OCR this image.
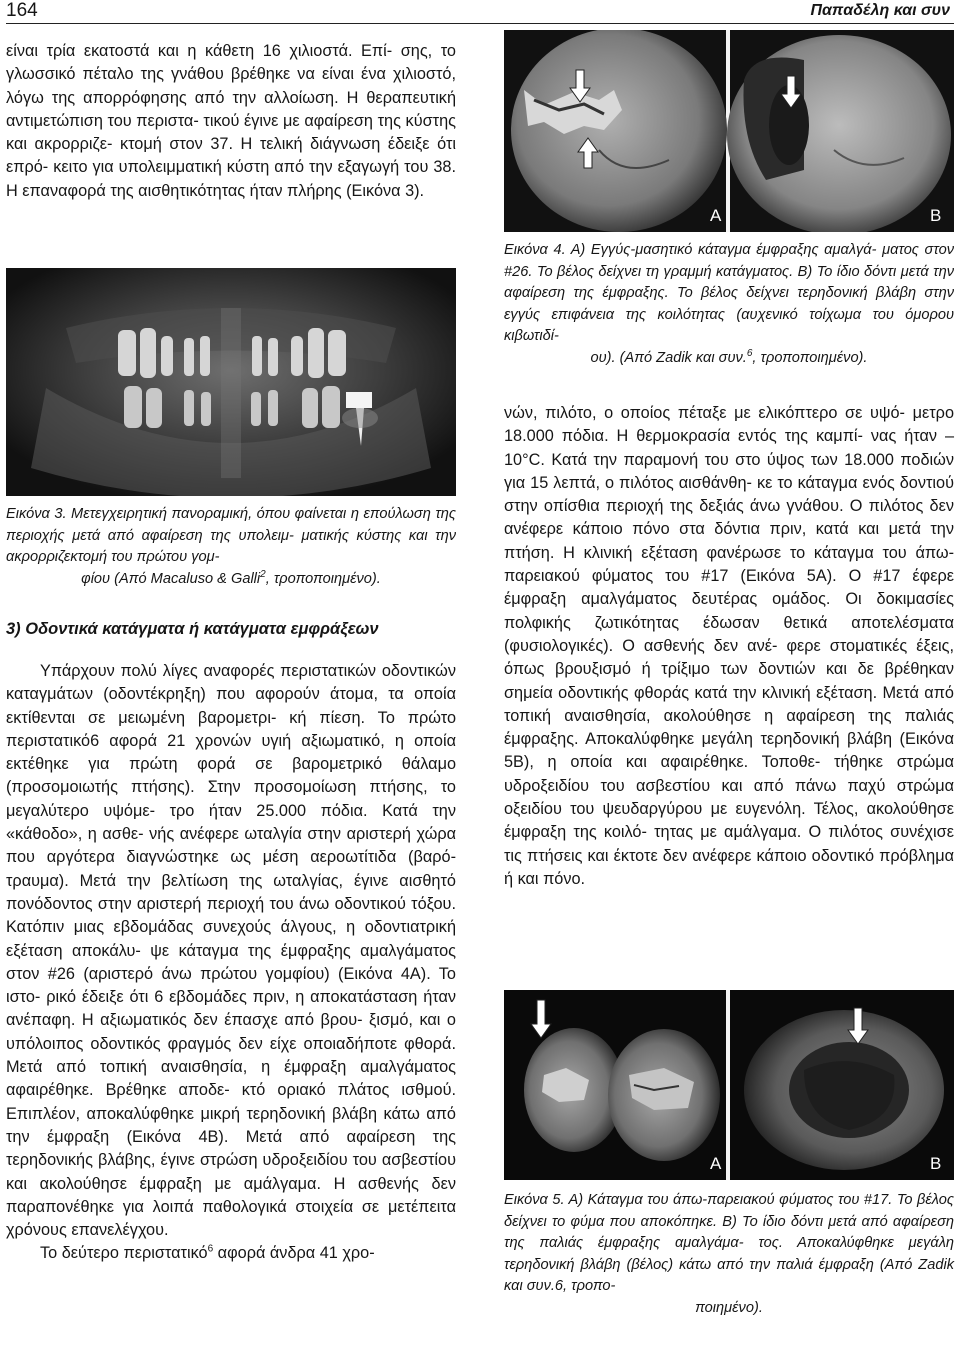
164	Παπαδέλη και συν

είναι τρία εκατοστά και η κάθετη 16 χιλιοστά. Επί- σης, το γλωσσικό πέταλο της γνάθου βρέθηκε να είναι ένα χιλιοστό, λόγω της απορρόφησης από την αλλοίωση. Η θεραπευτική αντιμετώπιση του περιστα- τικού έγινε με αφαίρεση της κύστης και ακρορριζε- κτομή στον 37. Η τελική διάγνωση έδειξε ότι επρό- κειτο για υπολειμματική κύστη από την εξαγωγή του 38. Η επαναφορά της αισθητικότητας ήταν πλήρης (Εικόνα 3).

Εικόνα 3. Μετεγχειρητική πανοραμική, όπου φαίνεται η επούλωση της περιοχής μετά από αφαίρεση της υπολειμ- ματικής κύστης και την ακρορριζεκτομή του πρώτου γομ-

φίου (Από Macaluso & Galli$^2$, τροποποιημένο).

3) Οδοντικά κατάγματα ή κατάγματα εμφράξεων

Υπάρχουν πολύ λίγες αναφορές περιστατικών οδοντικών καταγμάτων (οδοντέκρηξη) που αφορούν άτομα, τα οποία εκτίθενται σε μειωμένη βαρομετρι- κή πίεση. Το πρώτο περιστατικό6 αφορά 21 χρονών υγιή αξιωματικό, η οποία εκτέθηκε για πρώτη φορά σε βαρομετρικό θάλαμο (προσομοιωτής πτήσης). Στην προσομοίωση πτήσης, το μεγαλύτερο υψόμε- τρο ήταν 25.000 πόδια. Κατά την «κάθοδο», η ασθε- νής ανέφερε ωταλγία στην αριστερή χώρα που αργότερα διαγνώστηκε ως μέση αεροωτίτιδα (βαρό- τραυμα). Μετά την βελτίωση της ωταλγίας, έγινε αισθητό πονόδοντος στην αριστερή περιοχή του άνω οδοντικού τόξου. Κατόπιν μιας εβδομάδας συνεχούς άλγους, η οδοντιατρική εξέταση αποκάλυ- ψε κάταγμα της έμφραξης αμαλγάματος στον #26 (αριστερό άνω πρώτου γομφίου) (Εικόνα 4Α). Το ιστο- ρικό έδειξε ότι 6 εβδομάδες πριν, η αποκατάσταση ήταν ανέπαφη. Η αξιωματικός δεν έπασχε από βρου- ξισμό, και ο υπόλοιπος οδοντικός φραγμός δεν είχε οποιαδήποτε φθορά. Μετά από τοπική αναισθησία, η έμφραξη αμαλγάματος αφαιρέθηκε. Βρέθηκε αποδε- κτό οριακό πλάτος ισθμού. Επιπλέον, αποκαλύφθηκε μικρή τερηδονική βλάβη κάτω από την έμφραξη (Εικόνα 4Β). Μετά από αφαίρεση της τερηδονικής βλάβης, έγινε στρώση υδροξειδίου του ασβεστίου και ακολούθησε έμφραξη με αμάλγαμα. Η ασθενής δεν παραπονέθηκε για λοιπά παθολογικά στοιχεία σε μετέπειτα χρόνους επανελέγχου.

Το δεύτερο περιστατικό$^6$ αφορά άνδρα 41 χρο-

Α	Β

Εικόνα 4. Α) Εγγύς-μασητικό κάταγμα έμφραξης αμαλγά- ματος στον #26. Το βέλος δείχνει τη γραμμή κατάγματος. Β) Το ίδιο δόντι μετά την αφαίρεση της έμφραξης. Το βέλος δείχνει τερηδονική βλάβη στην εγγύς επιφάνεια της κοιλότητας (αυχενικό τοίχωμα του όμορου κιβωτιδί-

ου). (Από Zadik και συν.$^6$, τροποποιημένο).

νών, πιλότο, ο οποίος πέταξε με ελικόπτερο σε υψό- μετρο 18.000 πόδια. Η θερμοκρασία εντός της καμπί- νας ήταν –10°C. Κατά την παραμονή του στο ύψος των 18.000 ποδιών για 15 λεπτά, ο πιλότος αισθάνθη- κε το κάταγμα ενός δοντιού στην οπίσθια περιοχή της δεξιάς άνω γνάθου. Ο πιλότος δεν ανέφερε κάποιο πόνο στα δόντια πριν, κατά και μετά την πτήση. Η κλινική εξέταση φανέρωσε το κάταγμα του άπω-παρειακού φύματος του #17 (Εικόνα 5Α). Ο #17 έφερε έμφραξη αμαλγάματος δευτέρας ομάδος. Οι δοκιμασίες πολφικής ζωτικότητας έδωσαν θετικά αποτελέσματα (φυσιολογικές). Ο ασθενής δεν ανέ- φερε στοματικές έξεις, όπως βρουξισμό ή τρίξιμο των δοντιών και δε βρέθηκαν σημεία οδοντικής φθοράς κατά την κλινική εξέταση. Μετά από τοπική αναισθησία, ακολούθησε η αφαίρεση της παλιάς έμφραξης. Αποκαλύφθηκε μεγάλη τερηδονική βλάβη (Εικόνα 5Β), η οποία και αφαιρέθηκε. Τοποθε- τήθηκε στρώμα υδροξειδίου του ασβεστίου και από πάνω παχύ στρώμα οξειδίου του ψευδαργύρου με ευγενόλη. Τέλος, ακολούθησε έμφραξη της κοιλό- τητας με αμάλγαμα. Ο πιλότος συνέχισε τις πτήσεις και έκτοτε δεν ανέφερε κάποιο οδοντικό πρόβλημα ή και πόνο.

Α	Β

Εικόνα 5. Α) Κάταγμα του άπω-παρειακού φύματος του #17. Το βέλος δείχνει το φύμα που αποκόπηκε. Β) Το ίδιο δόντι μετά από αφαίρεση της παλιάς έμφραξης αμαλγάμα- τος. Αποκαλύφθηκε μεγάλη τερηδονική βλάβη (βέλος) κάτω από την παλιά έμφραξη (Από Zadik και συν.6, τροπο-

ποιημένο).
